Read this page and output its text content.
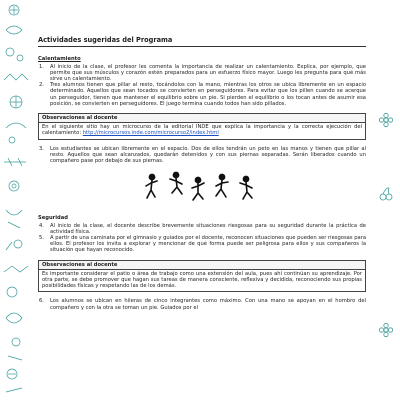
Actividades sugeridas del Programa
Calentamiento
1. Al inicio de la clase, el profesor les comenta la importancia de realizar un calentamiento. Explica, por ejemplo, que permite que sus músculos y corazón estén preparados para un esfuerzo físico mayor. Luego les pregunta para qué más sirve un calentamiento.
2. Tres alumnos tienen que pillar al resto, tocándolos con la mano, mientras los otros se ubica libremente en un espacio determinado. Aquellos que sean tocados se convierten en perseguidores. Para evitar que los pillen cuando se acerque un perseguidor, tienen que mantener el equilibrio sobre un pie. Si pierden el equilibrio o los tocan antes de asumir esa posición, se convierten en perseguidores. El juego termina cuando todos han sido pillados.
Observaciones al docente
En el siguiente sitio hay un microcurso de la editorial INDE que explica la importancia y la correcta ejecución del calentamiento: http://microcursos.inde.com/microcurso2/index.html
3. Los estudiantes se ubican libremente en el espacio. Dos de ellos tendrán un peto en las manos y tienen que pillar al resto. Aquellos que sean alcanzados, quedarán detenidos y con sus piernas separadas. Serán liberados cuando un compañero pase por debajo de sus piernas.
Seguridad
4. Al inicio de la clase, el docente describe brevemente situaciones riesgosas para su seguridad durante la práctica de actividad física.
5. A partir de una caminata por el gimnasio y guiados por el docente, reconocen situaciones que pueden ser riesgosas para ellos. El profesor los invita a explorar y mencionar de qué forma puede ser peligrosa para ellos y sus compañeros la situación que hayan reconocido.
Observaciones al docente
Es importante considerar el patio o área de trabajo como una extensión del aula, pues ahí continúan su aprendizaje. Por otra parte, se debe promover que hagan sus tareas de manera consciente, reflexiva y decidida, reconociendo sus propias posibilidades físicas y respetando las de los demás.
6. Los alumnos se ubican en hileras de cinco integrantes como máximo. Con una mano se apoyan en el hombro del compañero y con la otra se toman un pie. Guiados por el
